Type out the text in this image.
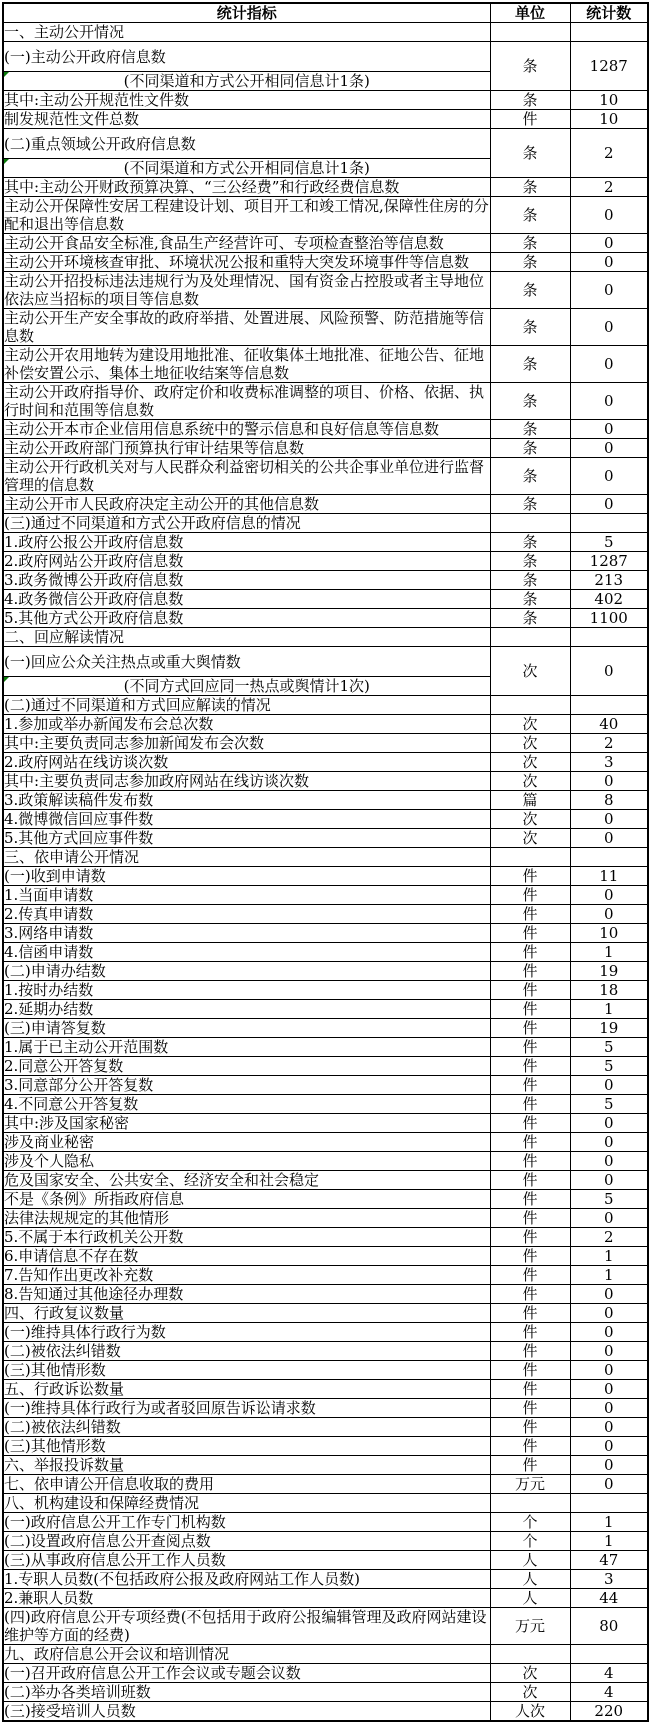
统计指标	单位	统计数
一、主动公开情况		
(一)主动公开政府信息数	条	1287

(不同渠道和方式公开相同信息计1条)		
其中:主动公开规范性文件数	条	10
制发规范性文件总数	件	10
(二)重点领域公开政府信息数	条	2

(不同渠道和方式公开相同信息计1条)		
其中:主动公开财政预算决算、“三公经费”和行政经费信息数	条	2
主动公开保障性安居工程建设计划、项目开工和竣工情况,保障性住房的分配和退出等信息数	条	0
主动公开食品安全标准,食品生产经营许可、专项检查整治等信息数	条	0
主动公开环境核查审批、环境状况公报和重特大突发环境事件等信息数	条	0
主动公开招投标违法违规行为及处理情况、国有资金占控股或者主导地位依法应当招标的项目等信息数	条	0
主动公开生产安全事故的政府举措、处置进展、风险预警、防范措施等信息数	条	0
主动公开农用地转为建设用地批准、征收集体土地批准、征地公告、征地补偿安置公示、集体土地征收结案等信息数	条	0
主动公开政府指导价、政府定价和收费标准调整的项目、价格、依据、执行时间和范围等信息数	条	0
主动公开本市企业信用信息系统中的警示信息和良好信息等信息数	条	0
主动公开政府部门预算执行审计结果等信息数	条	0
主动公开行政机关对与人民群众利益密切相关的公共企事业单位进行监督管理的信息数	条	0
主动公开市人民政府决定主动公开的其他信息数	条	0
(三)通过不同渠道和方式公开政府信息的情况		
1.政府公报公开政府信息数	条	5
2.政府网站公开政府信息数	条	1287
3.政务微博公开政府信息数	条	213
4.政务微信公开政府信息数	条	402
5.其他方式公开政府信息数	条	1100
二、回应解读情况		
(一)回应公众关注热点或重大舆情数	次	0

(不同方式回应同一热点或舆情计1次)		
(二)通过不同渠道和方式回应解读的情况		
1.参加或举办新闻发布会总次数	次	40
其中:主要负责同志参加新闻发布会次数	次	2
2.政府网站在线访谈次数	次	3
其中:主要负责同志参加政府网站在线访谈次数	次	0
3.政策解读稿件发布数	篇	8
4.微博微信回应事件数	次	0
5.其他方式回应事件数	次	0
三、依申请公开情况		
(一)收到申请数	件	11
1.当面申请数	件	0
2.传真申请数	件	0
3.网络申请数	件	10
4.信函申请数	件	1
(二)申请办结数	件	19
1.按时办结数	件	18
2.延期办结数	件	1
(三)申请答复数	件	19
1.属于已主动公开范围数	件	5
2.同意公开答复数	件	5
3.同意部分公开答复数	件	0
4.不同意公开答复数	件	5
其中:涉及国家秘密	件	0
涉及商业秘密	件	0
涉及个人隐私	件	0
危及国家安全、公共安全、经济安全和社会稳定	件	0
不是《条例》所指政府信息	件	5
法律法规规定的其他情形	件	0
5.不属于本行政机关公开数	件	2
6.申请信息不存在数	件	1
7.告知作出更改补充数	件	1
8.告知通过其他途径办理数	件	0
四、行政复议数量	件	0
(一)维持具体行政行为数	件	0
(二)被依法纠错数	件	0
(三)其他情形数	件	0
五、行政诉讼数量	件	0
(一)维持具体行政行为或者驳回原告诉讼请求数	件	0
(二)被依法纠错数	件	0
(三)其他情形数	件	0
六、举报投诉数量	件	0
七、依申请公开信息收取的费用	万元	0
八、机构建设和保障经费情况		
(一)政府信息公开工作专门机构数	个	1
(二)设置政府信息公开查阅点数	个	1
(三)从事政府信息公开工作人员数	人	47
1.专职人员数(不包括政府公报及政府网站工作人员数)	人	3
2.兼职人员数	人	44
(四)政府信息公开专项经费(不包括用于政府公报编辑管理及政府网站建设维护等方面的经费)	万元	80
九、政府信息公开会议和培训情况		
(一)召开政府信息公开工作会议或专题会议数	次	4
(二)举办各类培训班数	次	4
(三)接受培训人员数	人次	220
